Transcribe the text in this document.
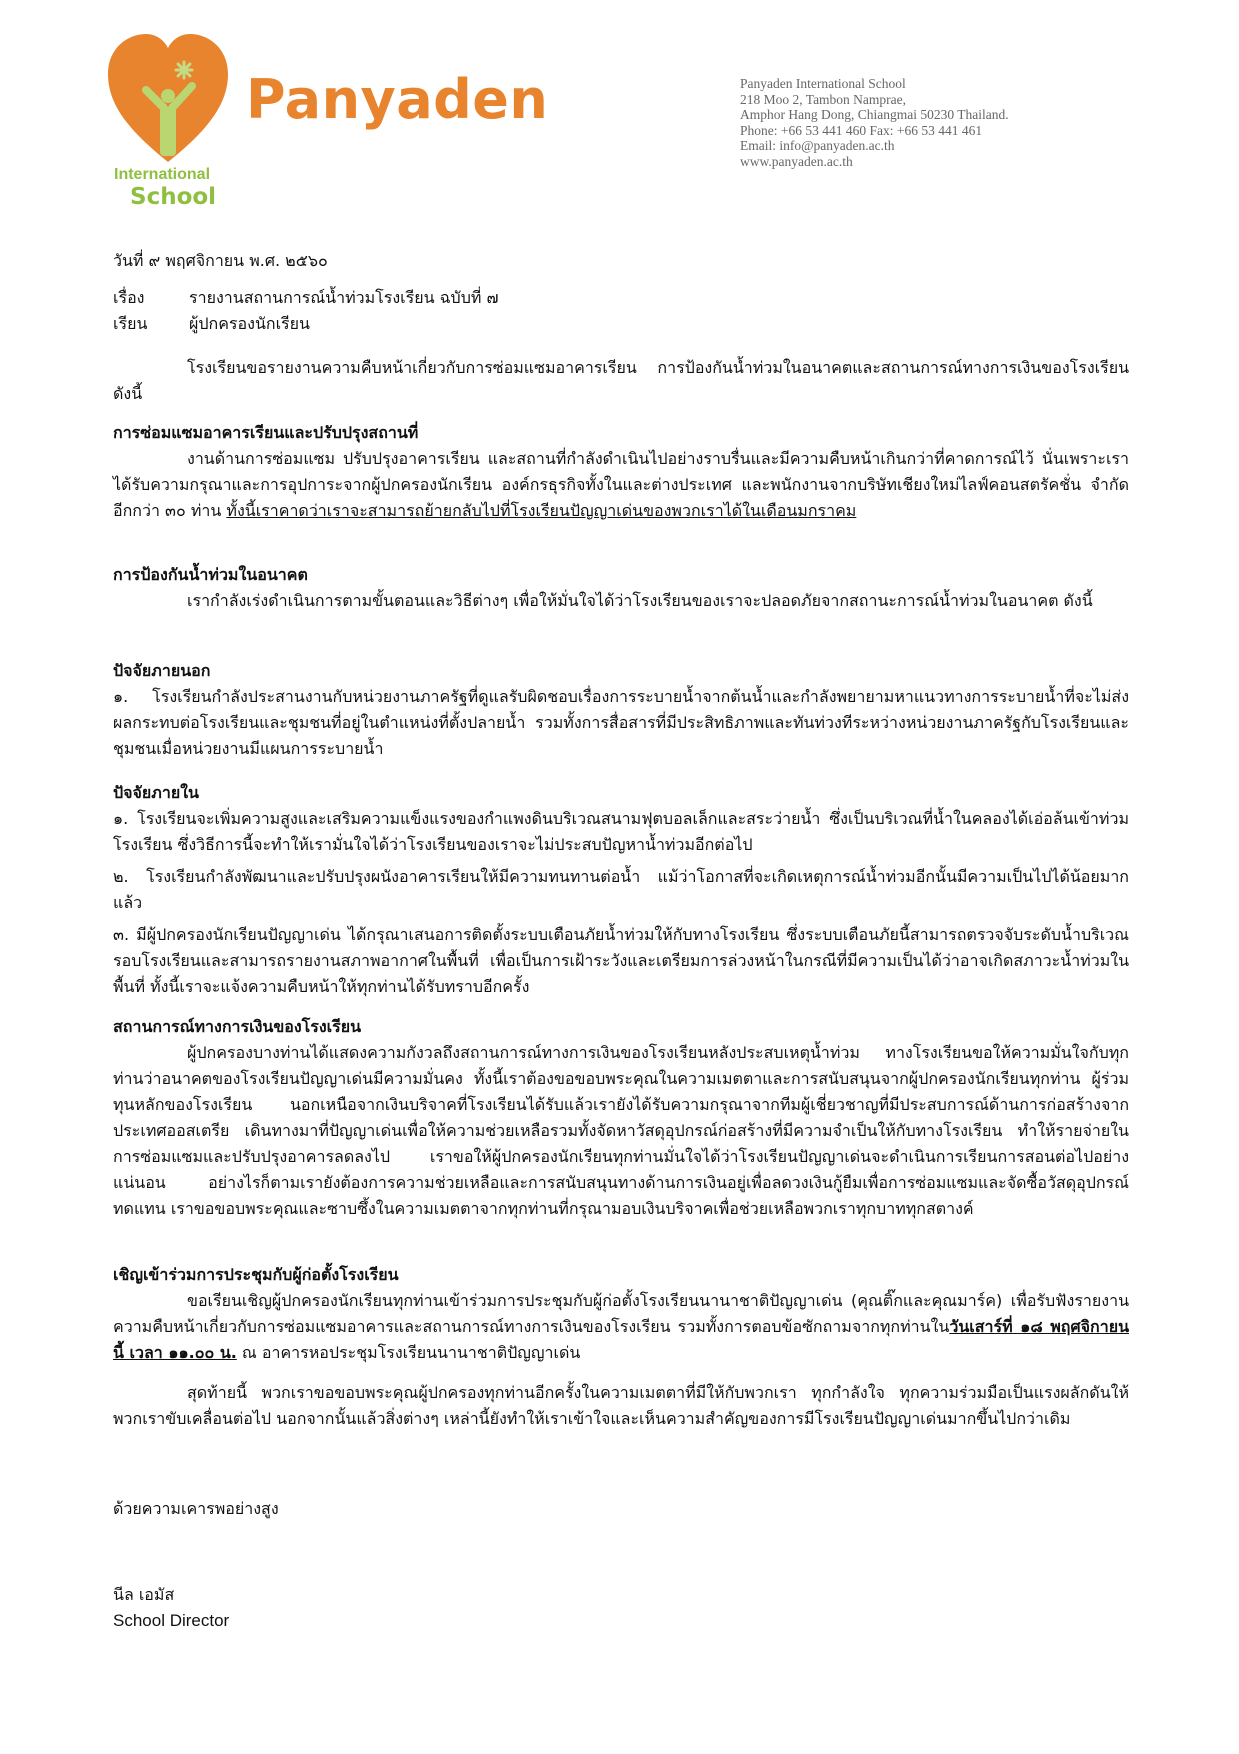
Panyaden
International
School
Panyaden International School
218 Moo 2, Tambon Namprae,
Amphor Hang Dong, Chiangmai 50230 Thailand.
Phone: +66 53 441 460 Fax: +66 53 441 461
Email: info@panyaden.ac.th
www.panyaden.ac.th
วันที่ ๙ พฤศจิกายน พ.ศ. ๒๕๖๐
เรื่อง	รายงานสถานการณ์น้ำท่วมโรงเรียน ฉบับที่ ๗
เรียน	ผู้ปกครองนักเรียน
โรงเรียนขอรายงานความคืบหน้าเกี่ยวกับการซ่อมแซมอาคารเรียน การป้องกันน้ำท่วมในอนาคตและสถานการณ์ทางการเงินของโรงเรียนดังนี้
การซ่อมแซมอาคารเรียนและปรับปรุงสถานที่
งานด้านการซ่อมแซม ปรับปรุงอาคารเรียน และสถานที่กำลังดำเนินไปอย่างราบรื่นและมีความคืบหน้าเกินกว่าที่คาดการณ์ไว้ นั่นเพราะเราได้รับความกรุณาและการอุปการะจากผู้ปกครองนักเรียน องค์กรธุรกิจทั้งในและต่างประเทศ และพนักงานจากบริษัทเชียงใหม่ไลฟ์คอนสตรัคชั่น จำกัด อีกกว่า ๓๐ ท่าน ทั้งนี้เราคาดว่าเราจะสามารถย้ายกลับไปที่โรงเรียนปัญญาเด่นของพวกเราได้ในเดือนมกราคม
การป้องกันน้ำท่วมในอนาคต
เรากำลังเร่งดำเนินการตามขั้นตอนและวิธีต่างๆ เพื่อให้มั่นใจได้ว่าโรงเรียนของเราจะปลอดภัยจากสถานะการณ์น้ำท่วมในอนาคต ดังนี้
ปัจจัยภายนอก
๑. โรงเรียนกำลังประสานงานกับหน่วยงานภาครัฐที่ดูแลรับผิดชอบเรื่องการระบายน้ำจากต้นน้ำและกำลังพยายามหาแนวทางการระบายน้ำที่จะไม่ส่งผลกระทบต่อโรงเรียนและชุมชนที่อยู่ในตำแหน่งที่ตั้งปลายน้ำ รวมทั้งการสื่อสารที่มีประสิทธิภาพและทันท่วงทีระหว่างหน่วยงานภาครัฐกับโรงเรียนและชุมชนเมื่อหน่วยงานมีแผนการระบายน้ำ
ปัจจัยภายใน
๑. โรงเรียนจะเพิ่มความสูงและเสริมความแข็งแรงของกำแพงดินบริเวณสนามฟุตบอลเล็กและสระว่ายน้ำ ซึ่งเป็นบริเวณที่น้ำในคลองได้เอ่อล้นเข้าท่วมโรงเรียน ซึ่งวิธีการนี้จะทำให้เรามั่นใจได้ว่าโรงเรียนของเราจะไม่ประสบปัญหาน้ำท่วมอีกต่อไป
๒. โรงเรียนกำลังพัฒนาและปรับปรุงผนังอาคารเรียนให้มีความทนทานต่อน้ำ แม้ว่าโอกาสที่จะเกิดเหตุการณ์น้ำท่วมอีกนั้นมีความเป็นไปได้น้อยมากแล้ว
๓. มีผู้ปกครองนักเรียนปัญญาเด่น ได้กรุณาเสนอการติดตั้งระบบเตือนภัยน้ำท่วมให้กับทางโรงเรียน ซึ่งระบบเตือนภัยนี้สามารถตรวจจับระดับน้ำบริเวณรอบโรงเรียนและสามารถรายงานสภาพอากาศในพื้นที่ เพื่อเป็นการเฝ้าระวังและเตรียมการล่วงหน้าในกรณีที่มีความเป็นได้ว่าอาจเกิดสภาวะน้ำท่วมในพื้นที่ ทั้งนี้เราจะแจ้งความคืบหน้าให้ทุกท่านได้รับทราบอีกครั้ง
สถานการณ์ทางการเงินของโรงเรียน
ผู้ปกครองบางท่านได้แสดงความกังวลถึงสถานการณ์ทางการเงินของโรงเรียนหลังประสบเหตุน้ำท่วม ทางโรงเรียนขอให้ความมั่นใจกับทุกท่านว่าอนาคตของโรงเรียนปัญญาเด่นมีความมั่นคง ทั้งนี้เราต้องขอขอบพระคุณในความเมตตาและการสนับสนุนจากผู้ปกครองนักเรียนทุกท่าน ผู้ร่วมทุนหลักของโรงเรียน นอกเหนือจากเงินบริจาคที่โรงเรียนได้รับแล้วเรายังได้รับความกรุณาจากทีมผู้เชี่ยวชาญที่มีประสบการณ์ด้านการก่อสร้างจากประเทศออสเตรีย เดินทางมาที่ปัญญาเด่นเพื่อให้ความช่วยเหลือรวมทั้งจัดหาวัสดุอุปกรณ์ก่อสร้างที่มีความจำเป็นให้กับทางโรงเรียน ทำให้รายจ่ายในการซ่อมแซมและปรับปรุงอาคารลดลงไป เราขอให้ผู้ปกครองนักเรียนทุกท่านมั่นใจได้ว่าโรงเรียนปัญญาเด่นจะดำเนินการเรียนการสอนต่อไปอย่างแน่นอน อย่างไรก็ตามเรายังต้องการความช่วยเหลือและการสนับสนุนทางด้านการเงินอยู่เพื่อลดวงเงินกู้ยืมเพื่อการซ่อมแซมและจัดซื้อวัสดุอุปกรณ์ทดแทน เราขอขอบพระคุณและซาบซึ้งในความเมตตาจากทุกท่านที่กรุณามอบเงินบริจาคเพื่อช่วยเหลือพวกเราทุกบาททุกสตางค์
เชิญเข้าร่วมการประชุมกับผู้ก่อตั้งโรงเรียน
ขอเรียนเชิญผู้ปกครองนักเรียนทุกท่านเข้าร่วมการประชุมกับผู้ก่อตั้งโรงเรียนนานาชาติปัญญาเด่น (คุณติ๊กและคุณมาร์ค) เพื่อรับฟังรายงานความคืบหน้าเกี่ยวกับการซ่อมแซมอาคารและสถานการณ์ทางการเงินของโรงเรียน รวมทั้งการตอบข้อซักถามจากทุกท่านในวันเสาร์ที่ ๑๘ พฤศจิกายนนี้ เวลา ๑๑.๐๐ น. ณ อาคารหอประชุมโรงเรียนนานาชาติปัญญาเด่น
สุดท้ายนี้ พวกเราขอขอบพระคุณผู้ปกครองทุกท่านอีกครั้งในความเมตตาที่มีให้กับพวกเรา ทุกกำลังใจ ทุกความร่วมมือเป็นแรงผลักดันให้พวกเราขับเคลื่อนต่อไป นอกจากนั้นแล้วสิ่งต่างๆ เหล่านี้ยังทำให้เราเข้าใจและเห็นความสำคัญของการมีโรงเรียนปัญญาเด่นมากขึ้นไปกว่าเดิม
ด้วยความเคารพอย่างสูง
นีล เอมัส
School Director
